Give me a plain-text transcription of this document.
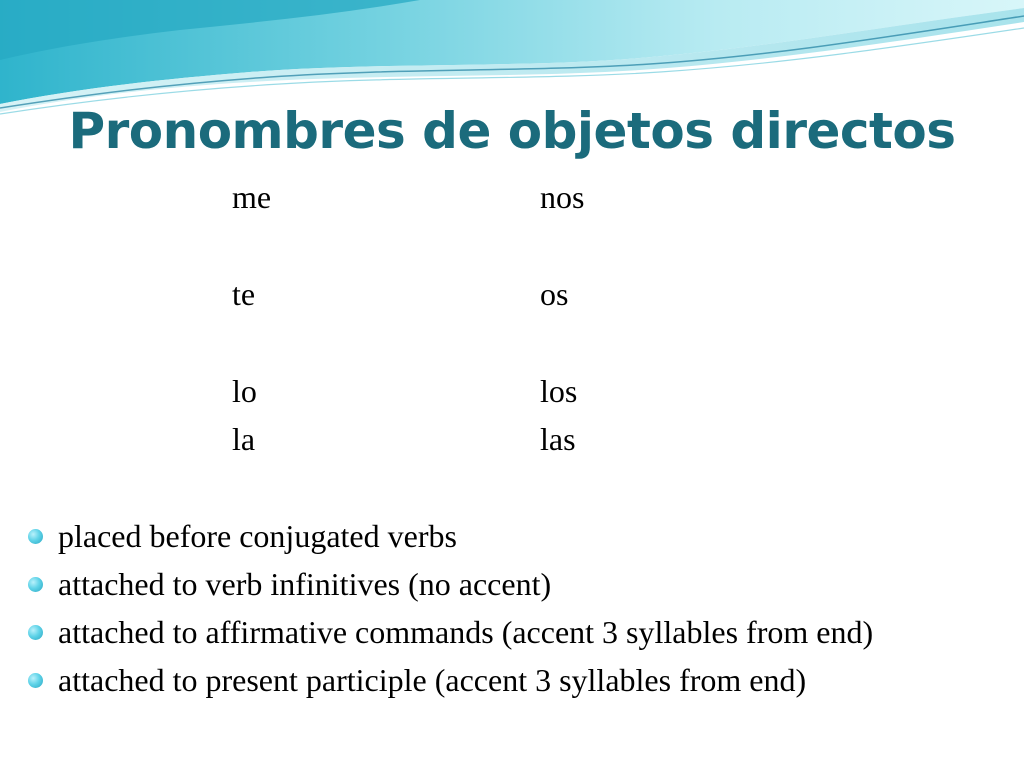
Pronombres de objetos directos
me	nos
te	os
lo	los
la	las
placed before conjugated verbs
attached to verb infinitives (no accent)
attached to affirmative commands (accent 3 syllables from end)
attached to present participle (accent 3 syllables from end)
